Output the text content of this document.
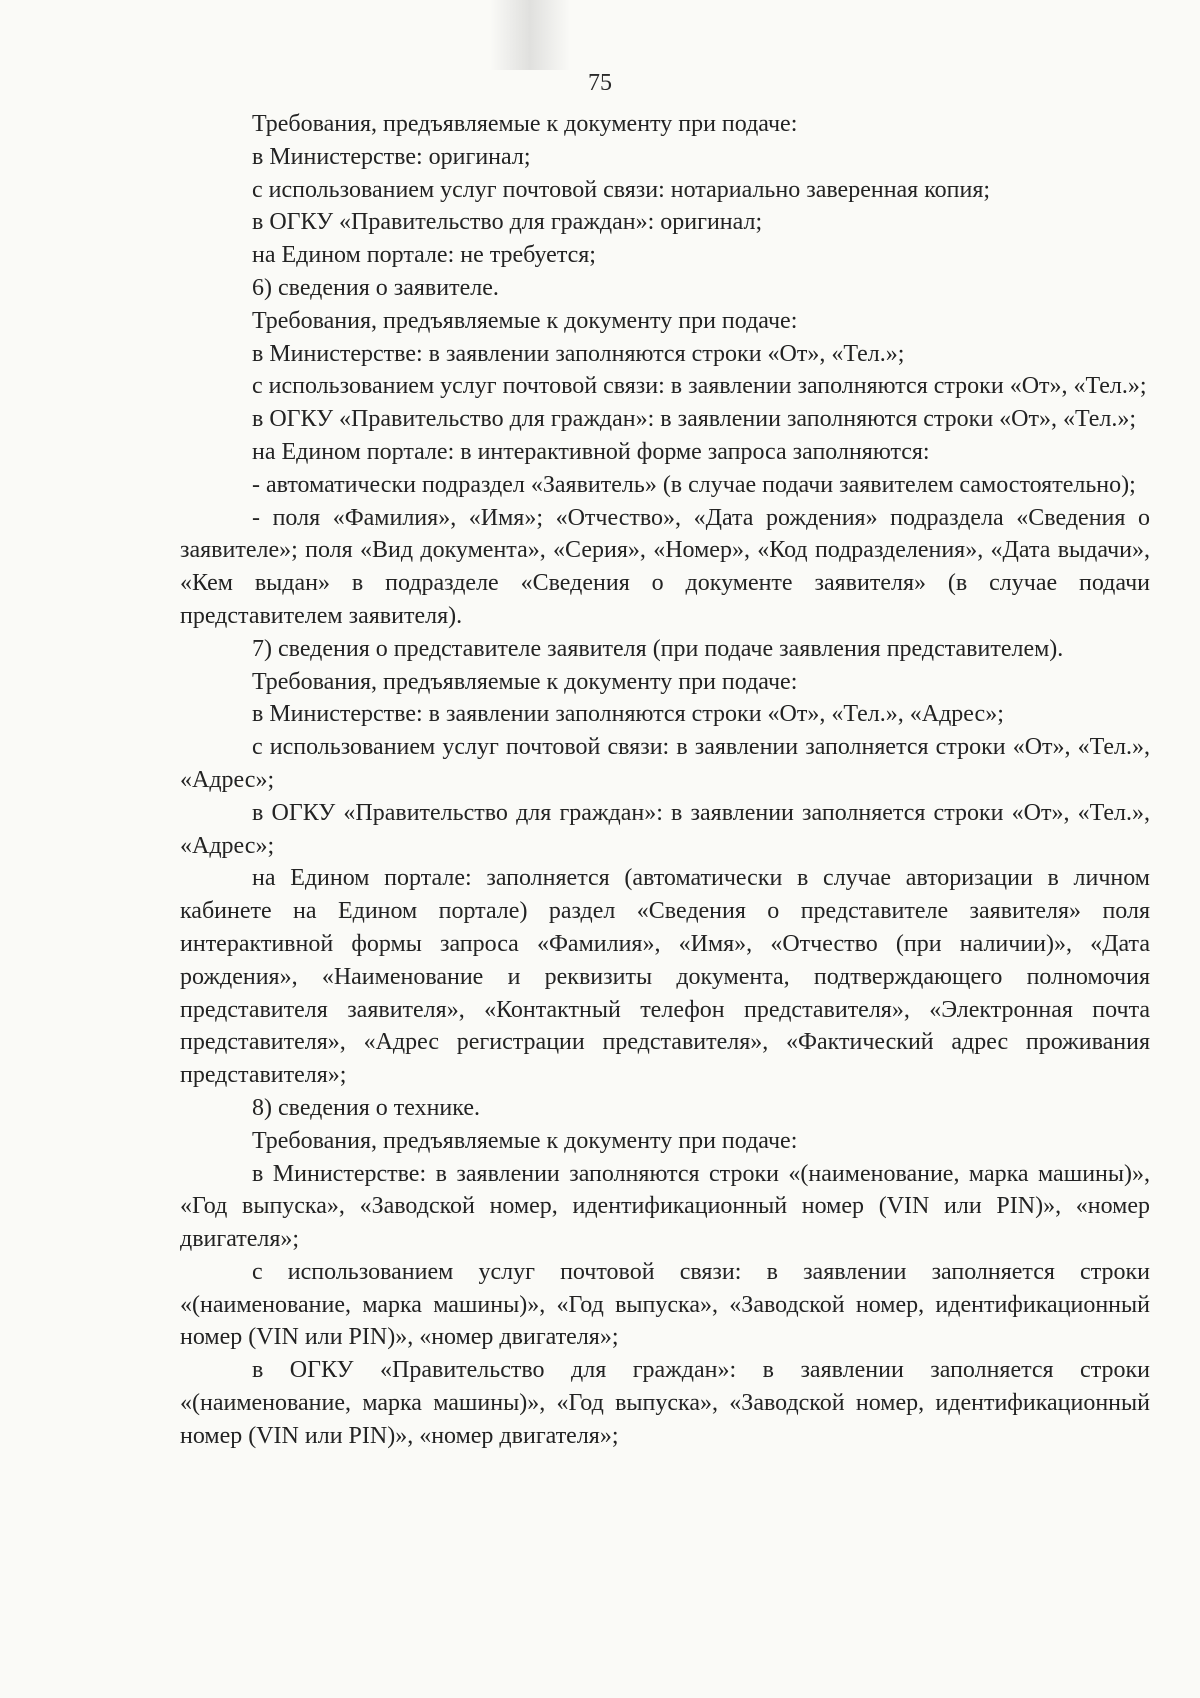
75

Требования, предъявляемые к документу при подаче:

в Министерстве: оригинал;

с использованием услуг почтовой связи: нотариально заверенная копия;

в ОГКУ «Правительство для граждан»: оригинал;

на Едином портале: не требуется;

6) сведения о заявителе.

Требования, предъявляемые к документу при подаче:

в Министерстве: в заявлении заполняются строки «От», «Тел.»;

с использованием услуг почтовой связи: в заявлении заполняются строки «От», «Тел.»;

в ОГКУ «Правительство для граждан»: в заявлении заполняются строки «От», «Тел.»;

на Едином портале: в интерактивной форме запроса заполняются:

- автоматически подраздел «Заявитель» (в случае подачи заявителем самостоятельно);

- поля «Фамилия», «Имя»; «Отчество», «Дата рождения» подраздела «Сведения о заявителе»; поля «Вид документа», «Серия», «Номер», «Код подразделения», «Дата выдачи», «Кем выдан» в подразделе «Сведения о документе заявителя» (в случае подачи представителем заявителя).

7) сведения о представителе заявителя (при подаче заявления представителем).

Требования, предъявляемые к документу при подаче:

в Министерстве: в заявлении заполняются строки «От», «Тел.», «Адрес»;

с использованием услуг почтовой связи: в заявлении заполняется строки «От», «Тел.», «Адрес»;

в ОГКУ «Правительство для граждан»: в заявлении заполняется строки «От», «Тел.», «Адрес»;

на Едином портале: заполняется (автоматически в случае авторизации в личном кабинете на Едином портале) раздел «Сведения о представителе заявителя» поля интерактивной формы запроса «Фамилия», «Имя», «Отчество (при наличии)», «Дата рождения», «Наименование и реквизиты документа, подтверждающего полномочия представителя заявителя», «Контактный телефон представителя», «Электронная почта представителя», «Адрес регистрации представителя», «Фактический адрес проживания представителя»;

8) сведения о технике.

Требования, предъявляемые к документу при подаче:

в Министерстве: в заявлении заполняются строки «(наименование, марка машины)», «Год выпуска», «Заводской номер, идентификационный номер (VIN или PIN)», «номер двигателя»;

с использованием услуг почтовой связи: в заявлении заполняется строки «(наименование, марка машины)», «Год выпуска», «Заводской номер, идентификационный номер (VIN или PIN)», «номер двигателя»;

в ОГКУ «Правительство для граждан»: в заявлении заполняется строки «(наименование, марка машины)», «Год выпуска», «Заводской номер, идентификационный номер (VIN или PIN)», «номер двигателя»;
